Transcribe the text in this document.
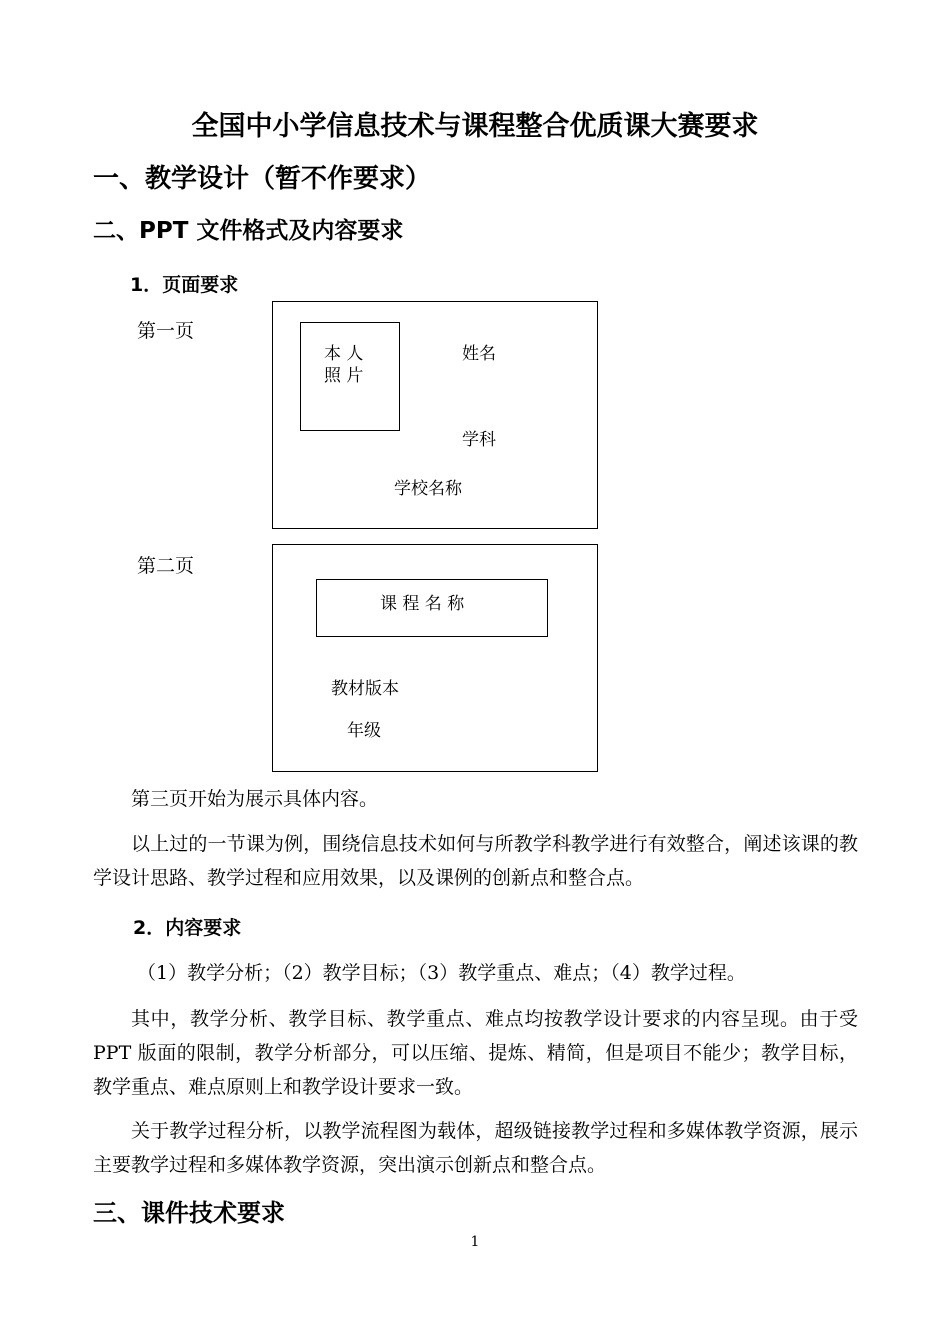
全国中小学信息技术与课程整合优质课大赛要求
一、教学设计（暂不作要求）
二、PPT 文件格式及内容要求
1．页面要求
第一页
本 人
照 片
姓名
学科
学校名称
第二页
课 程 名 称
教材版本
年级
第三页开始为展示具体内容。
以上过的一节课为例，围绕信息技术如何与所教学科教学进行有效整合，阐述该课的教学设计思路、教学过程和应用效果，以及课例的创新点和整合点。
2．内容要求
（1）教学分析；（2）教学目标；（3）教学重点、难点；（4）教学过程。
其中，教学分析、教学目标、教学重点、难点均按教学设计要求的内容呈现。由于受 PPT 版面的限制，教学分析部分，可以压缩、提炼、精简，但是项目不能少；教学目标，教学重点、难点原则上和教学设计要求一致。
关于教学过程分析，以教学流程图为载体，超级链接教学过程和多媒体教学资源，展示主要教学过程和多媒体教学资源，突出演示创新点和整合点。
三、课件技术要求
1
